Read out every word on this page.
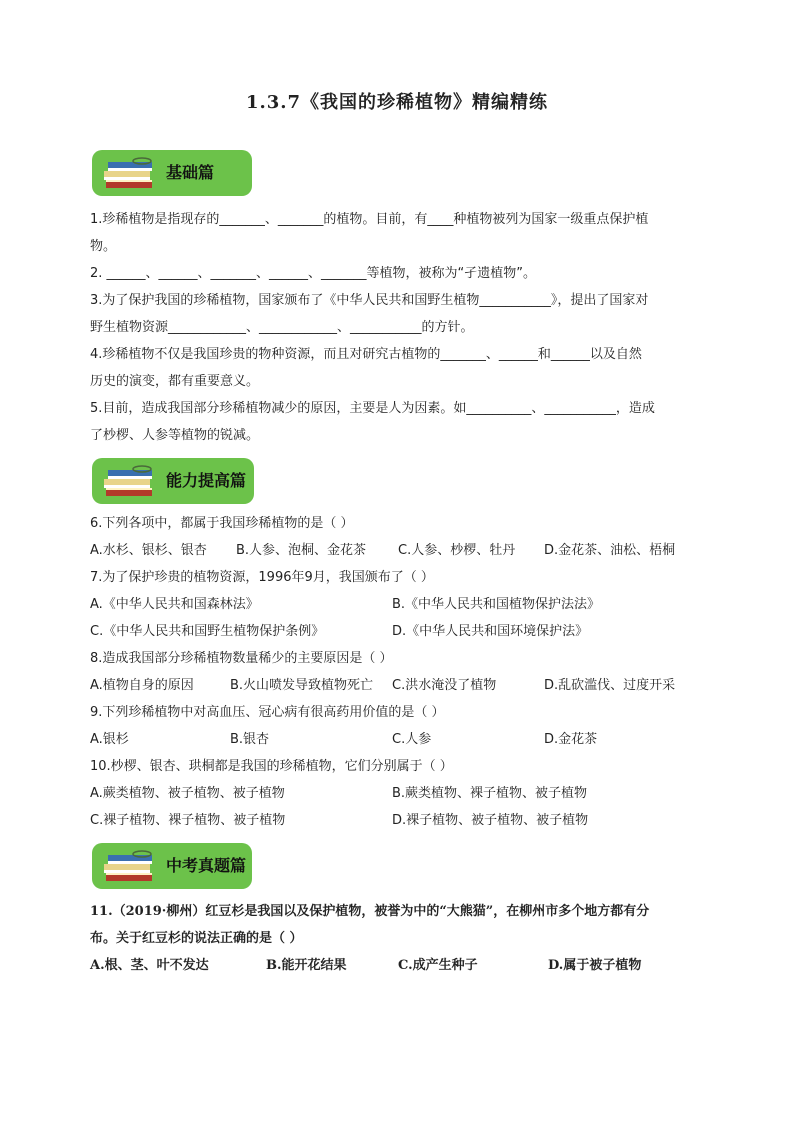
1.3.7《我国的珍稀植物》精编精练
基础篇
1.珍稀植物是指现存的_______、_______的植物。目前，有____种植物被列为国家一级重点保护植
物。
2. ______、______、_______、______、_______等植物，被称为“孑遗植物”。
3.为了保护我国的珍稀植物，国家颁布了《中华人民共和国野生植物___________》，提出了国家对
野生植物资源____________、____________、___________的方针。
4.珍稀植物不仅是我国珍贵的物种资源，而且对研究古植物的_______、______和______以及自然
历史的演变，都有重要意义。
5.目前，造成我国部分珍稀植物减少的原因，主要是人为因素。如__________、___________，造成
了杪椤、人参等植物的锐减。
能力提高篇
6.下列各项中，都属于我国珍稀植物的是（ ）
A.水杉、银杉、银杏 B.人参、泡桐、金花茶 C.人参、杪椤、牡丹 D.金花茶、油松、梧桐
7.为了保护珍贵的植物资源，1996年9月，我国颁布了（ ）
A.《中华人民共和国森林法》	B.《中华人民共和国植物保护法法》
C.《中华人民共和国野生植物保护条例》	D.《中华人民共和国环境保护法》
8.造成我国部分珍稀植物数量稀少的主要原因是（ ）
A.植物自身的原因	B.火山喷发导致植物死亡 C.洪水淹没了植物	D.乱砍滥伐、过度开采
9.下列珍稀植物中对高血压、冠心病有很高药用价值的是（ ）
A.银杉	B.银杏	C.人参	D.金花茶
10.杪椤、银杏、珙桐都是我国的珍稀植物，它们分别属于（ ）
A.蕨类植物、被子植物、被子植物	B.蕨类植物、裸子植物、被子植物
C.裸子植物、裸子植物、被子植物	D.裸子植物、被子植物、被子植物
中考真题篇
11.（2019·柳州）红豆杉是我国以及保护植物，被誉为中的“大熊猫”，在柳州市多个地方都有分
布。关于红豆杉的说法正确的是（ ）
A.根、茎、叶不发达	B.能开花结果	C.成产生种子	D.属于被子植物
